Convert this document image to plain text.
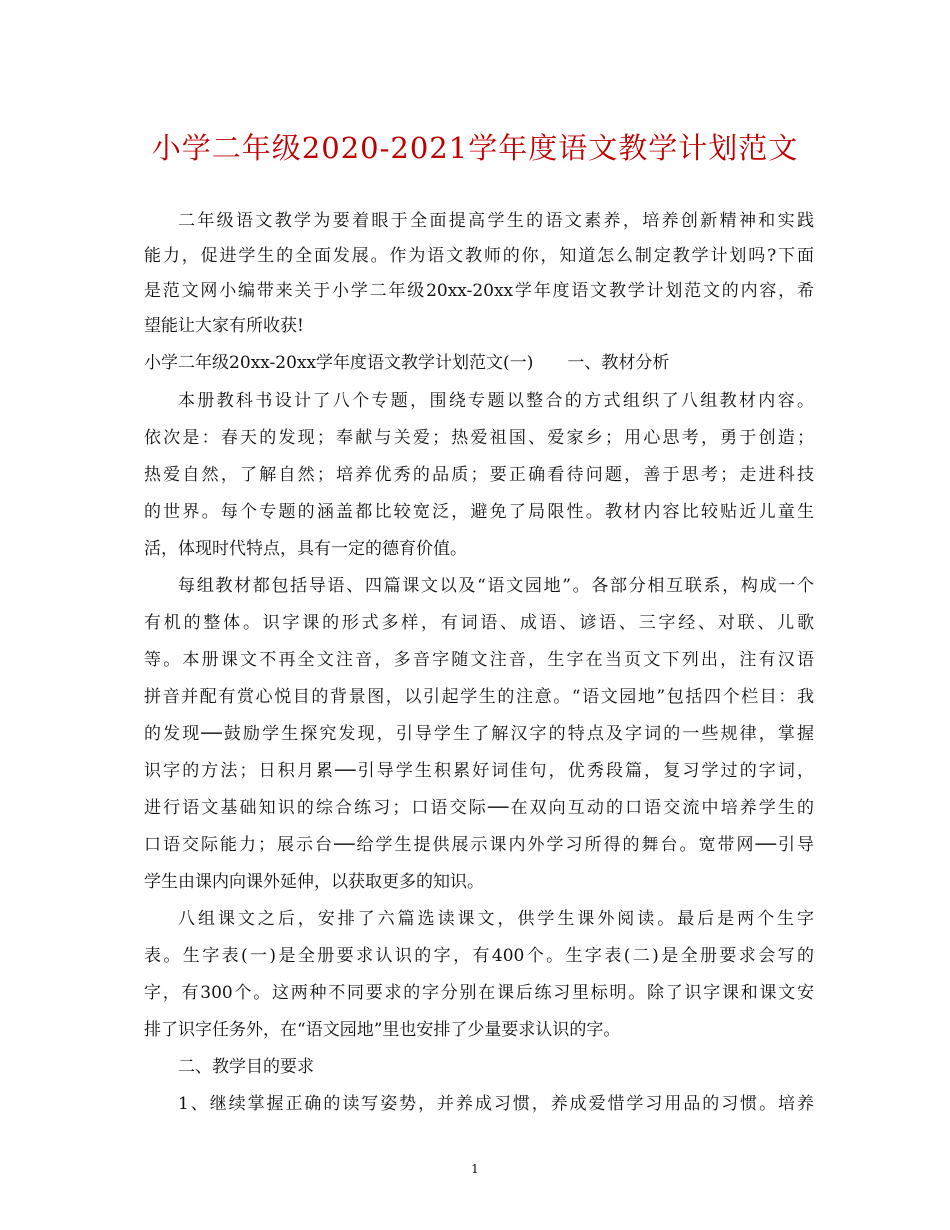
小学二年级2020-2021学年度语文教学计划范文
二年级语文教学为要着眼于全面提高学生的语文素养，培养创新精神和实践
能力，促进学生的全面发展。作为语文教师的你，知道怎么制定教学计划吗?下面
是范文网小编带来关于小学二年级20xx-20xx学年度语文教学计划范文的内容，希
望能让大家有所收获!
小学二年级20xx-20xx学年度语文教学计划范文(一)　　一、教材分析
本册教科书设计了八个专题，围绕专题以整合的方式组织了八组教材内容。
依次是：春天的发现；奉献与关爱；热爱祖国、爱家乡；用心思考，勇于创造；
热爱自然，了解自然；培养优秀的品质；要正确看待问题，善于思考；走进科技
的世界。每个专题的涵盖都比较宽泛，避免了局限性。教材内容比较贴近儿童生
活，体现时代特点，具有一定的德育价值。
每组教材都包括导语、四篇课文以及“语文园地”。各部分相互联系，构成一个
有机的整体。识字课的形式多样，有词语、成语、谚语、三字经、对联、儿歌
等。本册课文不再全文注音，多音字随文注音，生字在当页文下列出，注有汉语
拼音并配有赏心悦目的背景图，以引起学生的注意。“语文园地”包括四个栏目：我
的发现──鼓励学生探究发现，引导学生了解汉字的特点及字词的一些规律，掌握
识字的方法；日积月累──引导学生积累好词佳句，优秀段篇，复习学过的字词，
进行语文基础知识的综合练习；口语交际──在双向互动的口语交流中培养学生的
口语交际能力；展示台──给学生提供展示课内外学习所得的舞台。宽带网──引导
学生由课内向课外延伸，以获取更多的知识。
八组课文之后，安排了六篇选读课文，供学生课外阅读。最后是两个生字
表。生字表(一)是全册要求认识的字，有400个。生字表(二)是全册要求会写的
字，有300个。这两种不同要求的字分别在课后练习里标明。除了识字课和课文安
排了识字任务外，在“语文园地”里也安排了少量要求认识的字。
二、教学目的要求
1、继续掌握正确的读写姿势，并养成习惯，养成爱惜学习用品的习惯。培养
1
